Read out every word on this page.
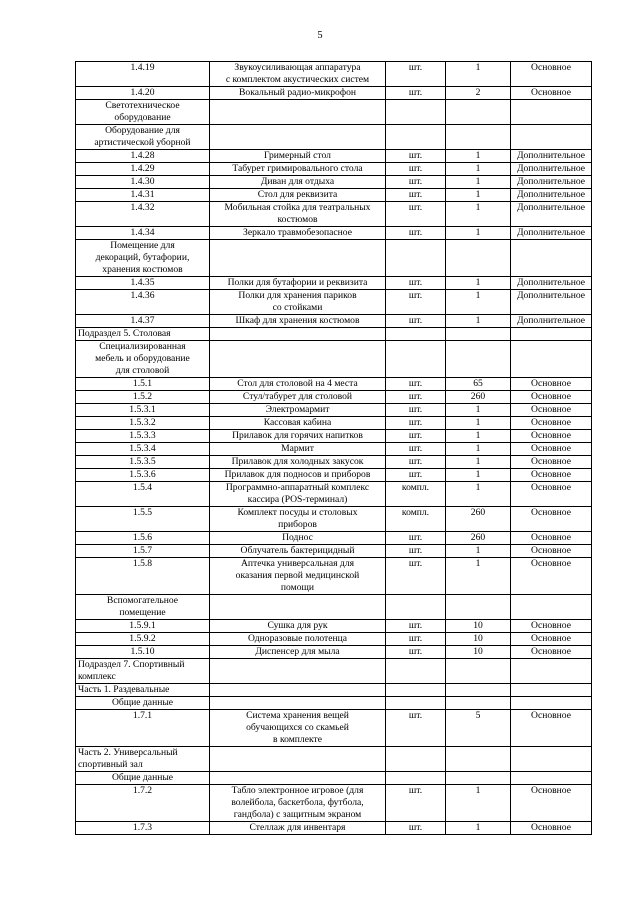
5
1.4.19	Звукоусиливающая аппаратура
с комплектом акустических систем	шт.	1	Основное
1.4.20	Вокальный радио-микрофон	шт.	2	Основное
Светотехническое
оборудование				
Оборудование для
артистической уборной				
1.4.28	Гримерный стол	шт.	1	Дополнительное
1.4.29	Табурет гримировального стола	шт.	1	Дополнительное
1.4.30	Диван для отдыха	шт.	1	Дополнительное
1.4.31	Стол для реквизита	шт.	1	Дополнительное
1.4.32	Мобильная стойка для театральных
костюмов	шт.	1	Дополнительное
1.4.34	Зеркало травмобезопасное	шт.	1	Дополнительное
Помещение для
декораций, бутафории,
хранения костюмов				
1.4.35	Полки для бутафории и реквизита	шт.	1	Дополнительное
1.4.36	Полки для хранения париков
со стойками	шт.	1	Дополнительное
1.4.37	Шкаф для хранения костюмов	шт.	1	Дополнительное
Подраздел 5. Столовая				
Специализированная
мебель и оборудование
для столовой				
1.5.1	Стол для столовой на 4 места	шт.	65	Основное
1.5.2	Стул/табурет для столовой	шт.	260	Основное
1.5.3.1	Электромармит	шт.	1	Основное
1.5.3.2	Кассовая кабина	шт.	1	Основное
1.5.3.3	Прилавок для горячих напитков	шт.	1	Основное
1.5.3.4	Мармит	шт.	1	Основное
1.5.3.5	Прилавок для холодных закусок	шт.	1	Основное
1.5.3.6	Прилавок для подносов и приборов	шт.	1	Основное
1.5.4	Программно-аппаратный комплекс
кассира (POS-терминал)	компл.	1	Основное
1.5.5	Комплект посуды и столовых
приборов	компл.	260	Основное
1.5.6	Поднос	шт.	260	Основное
1.5.7	Облучатель бактерицидный	шт.	1	Основное
1.5.8	Аптечка универсальная для
оказания первой медицинской
помощи	шт.	1	Основное
Вспомогательное
помещение				
1.5.9.1	Сушка для рук	шт.	10	Основное
1.5.9.2	Одноразовые полотенца	шт.	10	Основное
1.5.10	Диспенсер для мыла	шт.	10	Основное
Подраздел 7. Спортивный
комплекс				
Часть 1. Раздевальные				
Общие данные				
1.7.1	Система хранения вещей
обучающихся со скамьей
в комплекте	шт.	5	Основное
Часть 2. Универсальный
спортивный зал				
Общие данные				
1.7.2	Табло электронное игровое (для
волейбола, баскетбола, футбола,
гандбола) с защитным экраном	шт.	1	Основное
1.7.3	Стеллаж для инвентаря	шт.	1	Основное
